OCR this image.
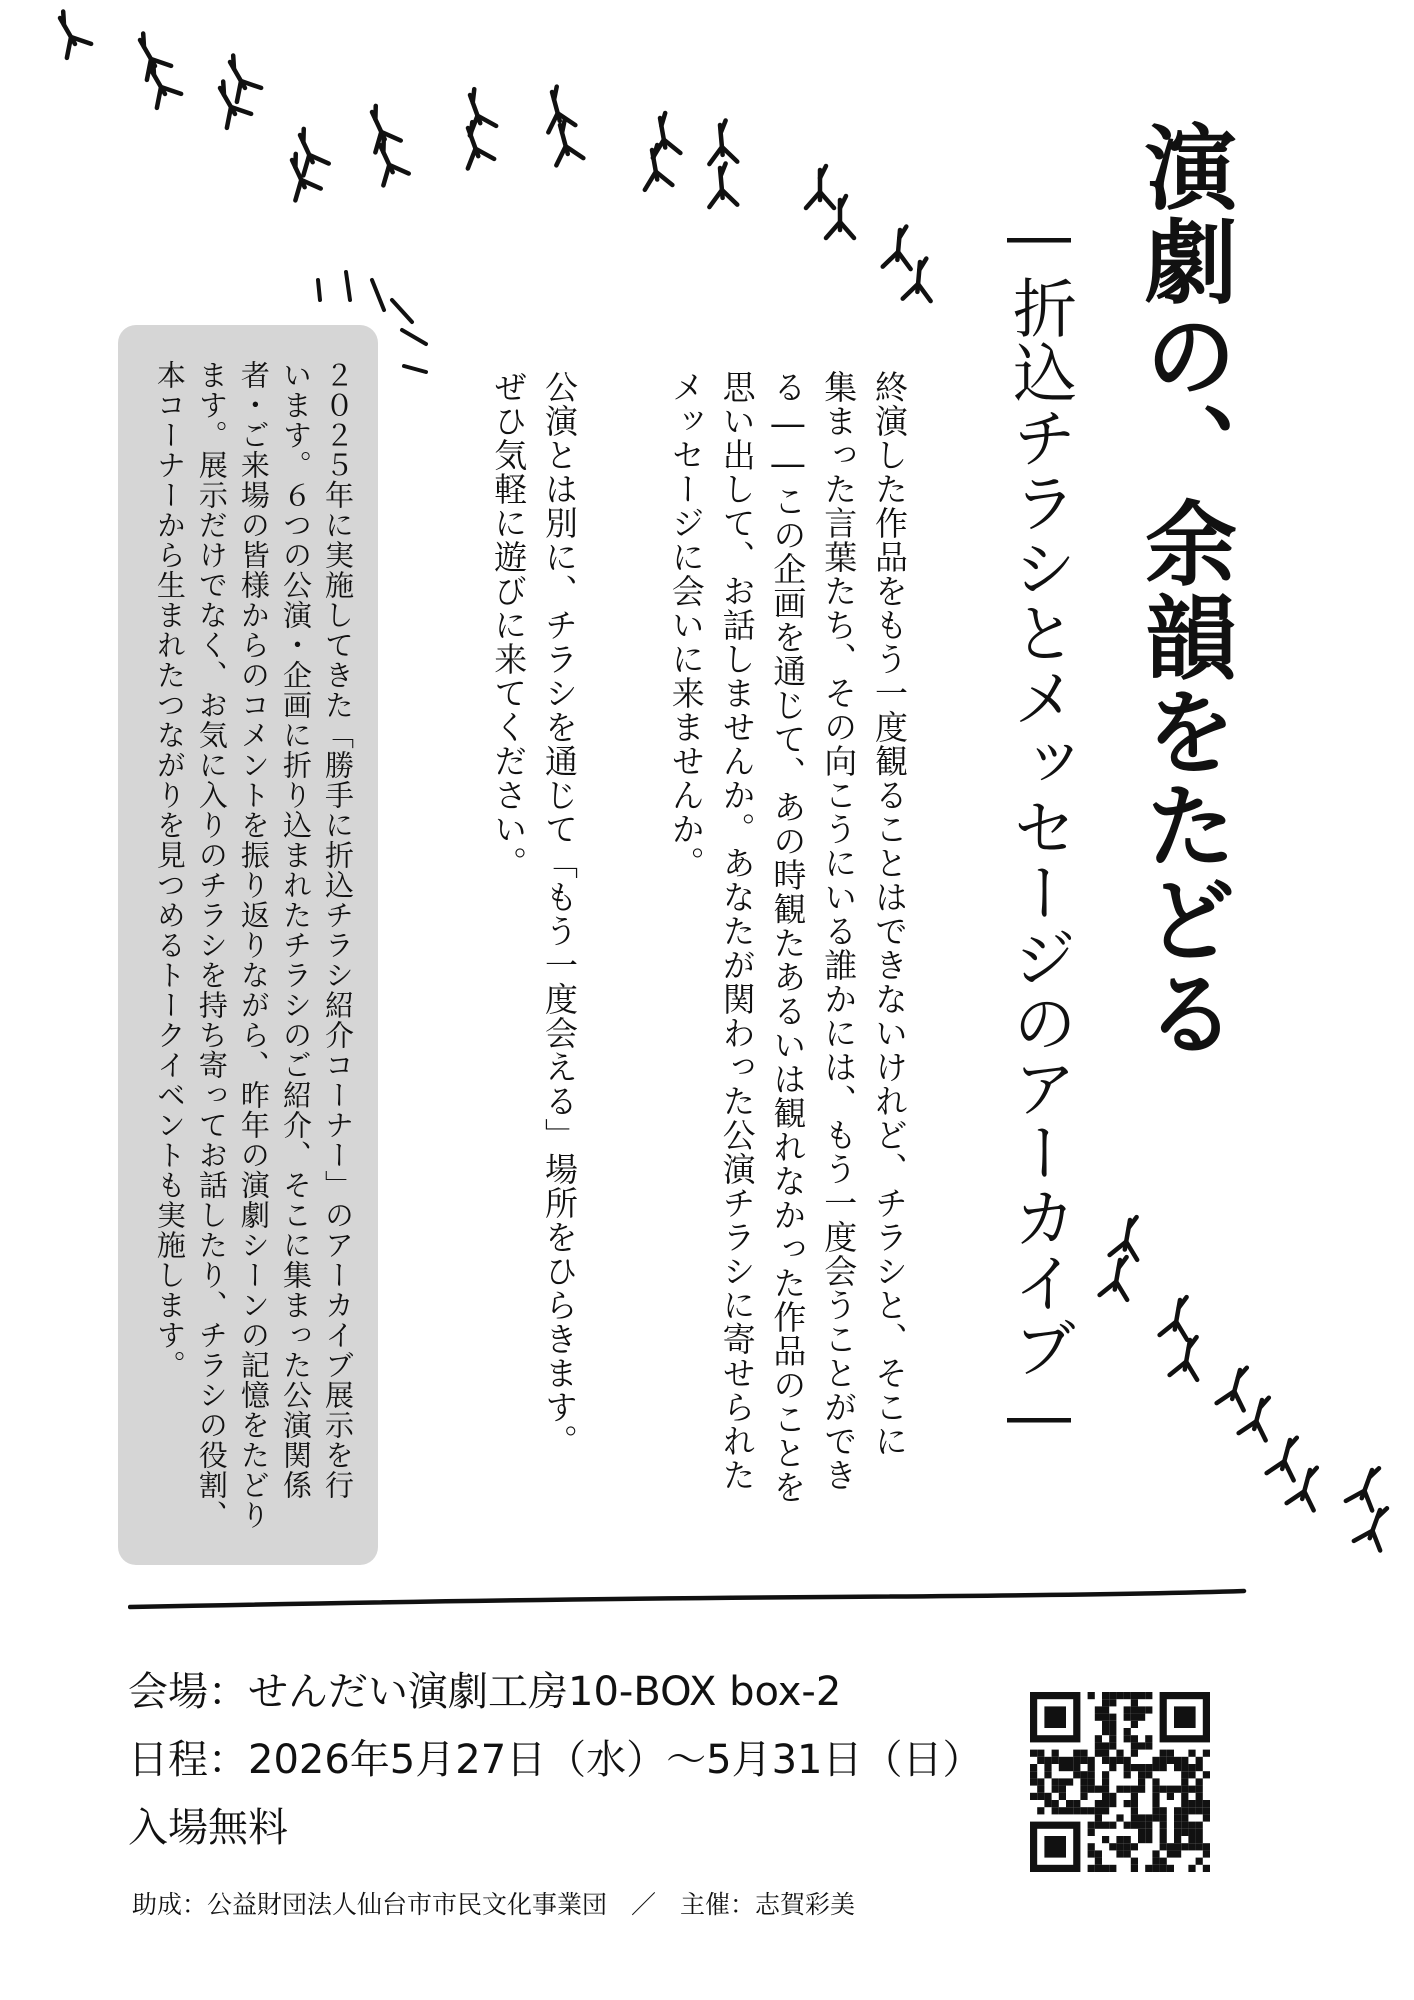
演劇の、余韻をたどる
―折込チラシとメッセージのアーカイブ―
終演した作品をもう一度観ることはできないけれど、チラシと、そこに
集まった言葉たち、その向こうにいる誰かには、もう一度会うことができ
る――この企画を通じて、あの時観たあるいは観れなかった作品のことを
思い出して、お話しませんか。あなたが関わった公演チラシに寄せられた
メッセージに会いに来ませんか。
公演とは別に、チラシを通じて「もう一度会える」場所をひらきます。
ぜひ気軽に遊びに来てください。
２０２５年に実施してきた「勝手に折込チラシ紹介コーナー」のアーカイブ展示を行
います。６つの公演・企画に折り込まれたチラシのご紹介、そこに集まった公演関係
者・ご来場の皆様からのコメントを振り返りながら、昨年の演劇シーンの記憶をたどり
ます。展示だけでなく、お気に入りのチラシを持ち寄ってお話したり、チラシの役割、
本コーナーから生まれたつながりを見つめるトークイベントも実施します。
会場：せんだい演劇工房10-BOX box-2
日程：2026年5月27日（水）〜5月31日（日）
入場無料
助成：公益財団法人仙台市市民文化事業団 ／ 主催：志賀彩美
